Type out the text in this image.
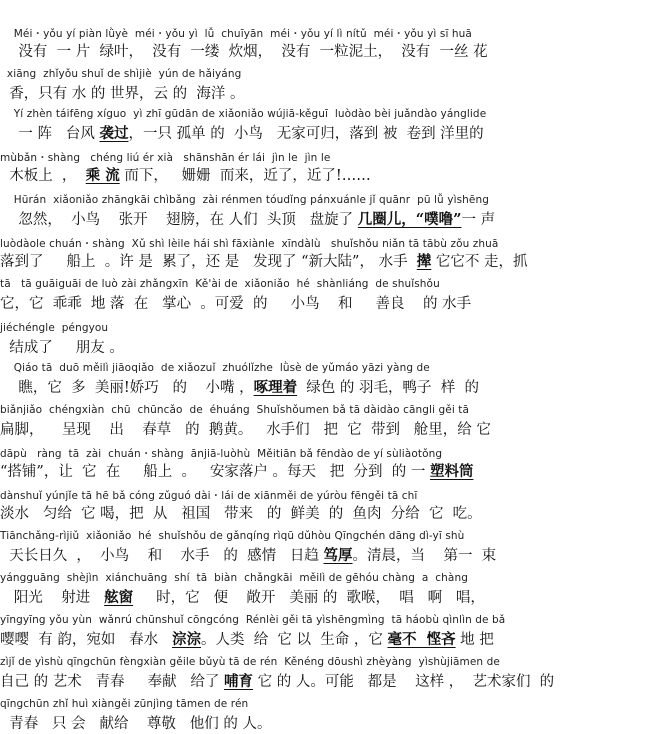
Méi・yǒu yí piàn lǜyè  méi・yǒu yì  lǚ  chuīyān  méi・yǒu yí lì nítǔ  méi・yǒu yì sī huā
没有  一 片  绿叶，  没有  一缕  炊烟，  没有  一粒泥土，  没有  一丝 花
xiāng  zhǐyǒu shuǐ de shìjiè  yún de hǎiyáng
香，只有 水 的 世界，云 的  海洋 。
Yí zhèn táifēng xíguo  yì zhī gūdān de xiǎoniǎo wújiā-kěguī  luòdào bèi juǎndào yánglide
一 阵   台风 袭过，一只 孤单 的  小鸟   无家可归，落到 被  卷到 洋里的
mùbǎn・shàng   chéng liú ér xià   shānshān ér lái  jìn le  jìn le
木板上  ，  乘 流 而下，   姗姗  而来，近了，近了!……
Hūrán  xiǎoniǎo zhāngkāi chìbǎng  zài rénmen tóudǐng pánxuánle jǐ quānr  pū lǚ yìshēng
忽然，  小鸟    张开    翅膀，在 人们  头顶   盘旋了 几圈儿，“噗噜”一 声
luòdàole chuán・shàng  Xǔ shì lèile hái shì fāxiànle  xīndàlù   shuǐshǒu niǎn tā tābù zǒu zhuā
落到了     船上  。许 是  累了，还 是   发现了 “新大陆”， 水手  撵 它它不 走，抓
tā   tā guāiguāi de luò zài zhǎngxīn  Kě'ài de  xiǎoniǎo  hé  shànliáng  de shuǐshǒu
它，它  乖乖  地 落  在   掌心  。可爱  的     小鸟    和     善良    的 水手
jiéchéngle  péngyou
结成了     朋友 。
Qiáo tā  duō měilì jiāoqiǎo  de xiǎozuǐ  zhuólǐzhe  lǜsè de yǔmáo yāzi yàng de
瞧，它  多  美丽!娇巧   的    小嘴 ，啄理着  绿色 的 羽毛，鸭子  样  的
biǎnjiǎo  chéngxiàn  chū  chūncǎo  de  éhuáng  Shuǐshǒumen bǎ tā dàidào cāngli gěi tā
扁脚，    呈现    出    春草   的  鹅黄。   水手们   把  它  带到   舱里，给 它
dāpù   ràng  tā  zài  chuán・shàng  ānjiā-luòhù  Měitiān bǎ fēndào de yí sùliàotǒng
“搭铺”，让  它  在     船上  。   安家落户 。每天   把  分到  的 一 塑料筒
dànshuǐ yúnjǐe tā hē bǎ cóng zǔguó dài・lái de xiānměi de yúròu fēngěi tā chī
淡水   匀给  它 喝，把  从   祖国   带来   的  鲜美  的  鱼肉  分给  它  吃。
Tiānchǎng-rìjiǔ  xiǎoniǎo  hé  shuǐshǒu de gǎnqíng rìqū dǔhòu Qīngchén dāng dì-yī shù
天长日久  ，  小鸟    和    水手   的  感情   日趋 笃厚。清晨，当    第一  束
yángguāng  shèjìn  xiánchuāng  shí  tā  biàn  chǎngkāi  měilì de gēhóu chàng  a  chàng
阳光    射进   舷窗     时，它   便    敞开   美丽 的  歌喉，  唱   啊   唱，
yīngyīng yǒu yùn  wǎnrú chūnshuǐ cōngcóng  Rénlèi gěi tā yìshēngmìng  tā háobù qìnlìn de bǎ
嘤嘤  有 韵，宛如   春水   淙淙。人类  给  它 以  生命 ，它 毫不  悭吝 地 把
zìjǐ de yìshù qīngchūn fèngxiàn gěile bǔyù tā de rén  Kěnéng dōushì zhèyàng  yìshùjiāmen de
自己 的 艺术   青春     奉献   给了 哺育 它 的 人。可能   都是    这样 ，  艺术家们  的
qīngchūn zhǐ huì xiàngěi zūnjìng tāmen de rén
青春   只 会   献给    尊敬   他们 的 人。
